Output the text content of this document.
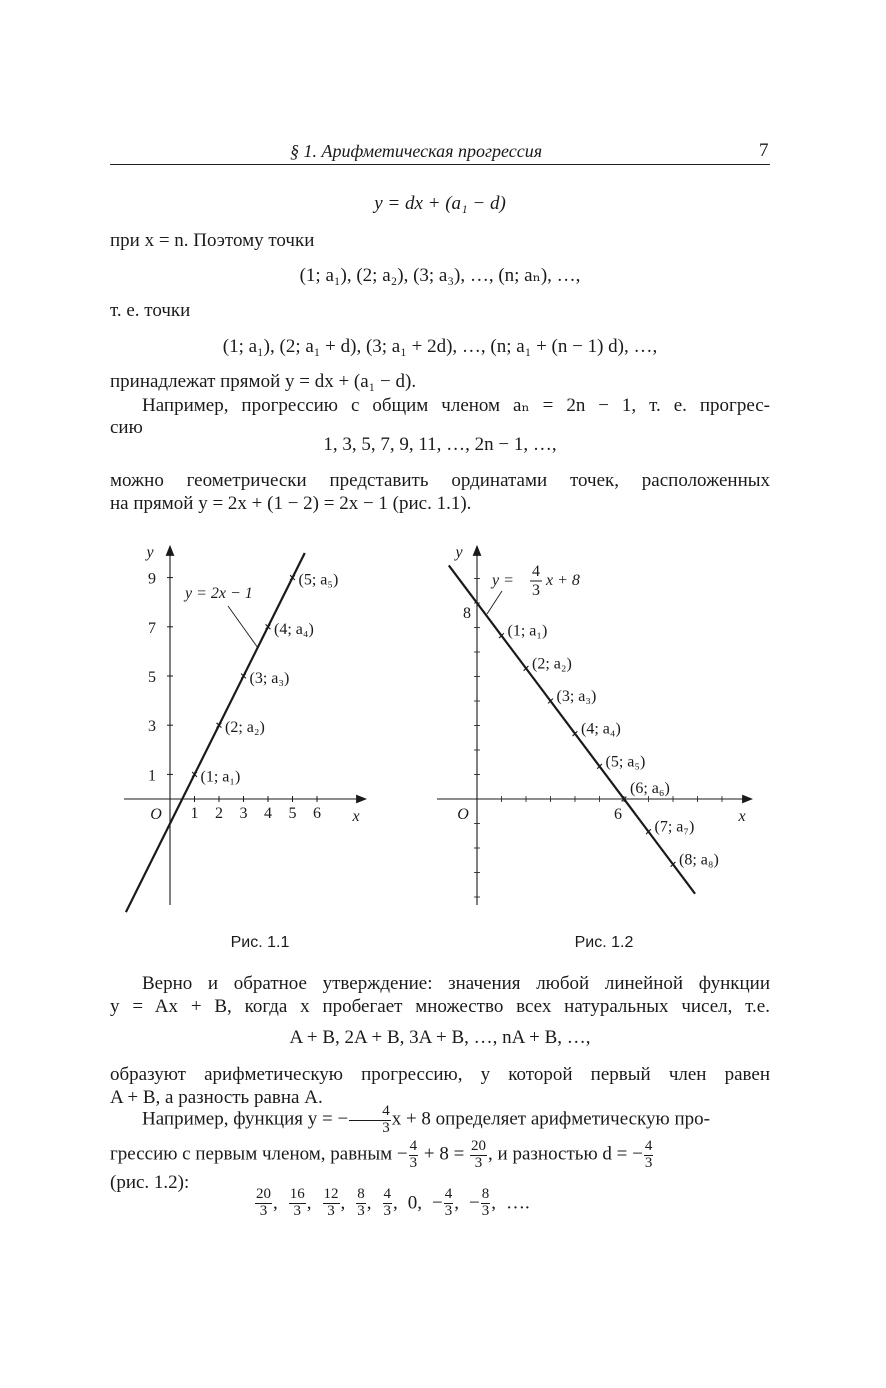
§ 1. Арифметическая прогрессия	7
y = dx + (a₁ − d)
при x = n. Поэтому точки
(1; a₁), (2; a₂), (3; a₃), …, (n; aₙ), …,
т. е. точки
(1; a₁), (2; a₁ + d), (3; a₁ + 2d), …, (n; a₁ + (n − 1) d), …,
принадлежат прямой y = dx + (a₁ − d).
Например, прогрессию с общим членом aₙ = 2n − 1, т. е. прогрес-
сию
1, 3, 5, 7, 9, 11, …, 2n − 1, …,
можно геометрически представить ординатами точек, расположенных
на прямой y = 2x + (1 − 2) = 2x − 1 (рис. 1.1).
1 2 3 4 5 6
1
3
5
7
9
O	x
y
(1; a₁)
(2; a₂)
(3; a₃)
(4; a₄)
(5; a₅)
y = 2x − 1
Рис. 1.1
6
8
O	x
y
(1; a₁)
(2; a₂)
(3; a₃)
(4; a₄)
(5; a₅)
(6; a₆)
(7; a₇)
(8; a₈)
y =
4
3
x + 8
Рис. 1.2
Верно и обратное утверждение: значения любой линейной функции
y = Ax + B, когда x пробегает множество всех натуральных чисел, т.е.
A + B, 2A + B, 3A + B, …, nA + B, …,
образуют арифметическую прогрессию, у которой первый член равен
A + B, а разность равна A.
Например, функция y = − $\frac{4}{3}$ x + 8 определяет арифметическую про-
грессию с первым членом, равным − $\frac{4}{3} + 8 = \frac{20}{3}$ , и разностью d = − $\frac{4}{3}$
(рис. 1.2):
$\frac{20}{3}$ , $\frac{16}{3}$ , $\frac{12}{3}$ , $\frac{8}{3}$ , $\frac{4}{3}$ , 0, − $\frac{4}{3}$ , − $\frac{8}{3}$ , ….
